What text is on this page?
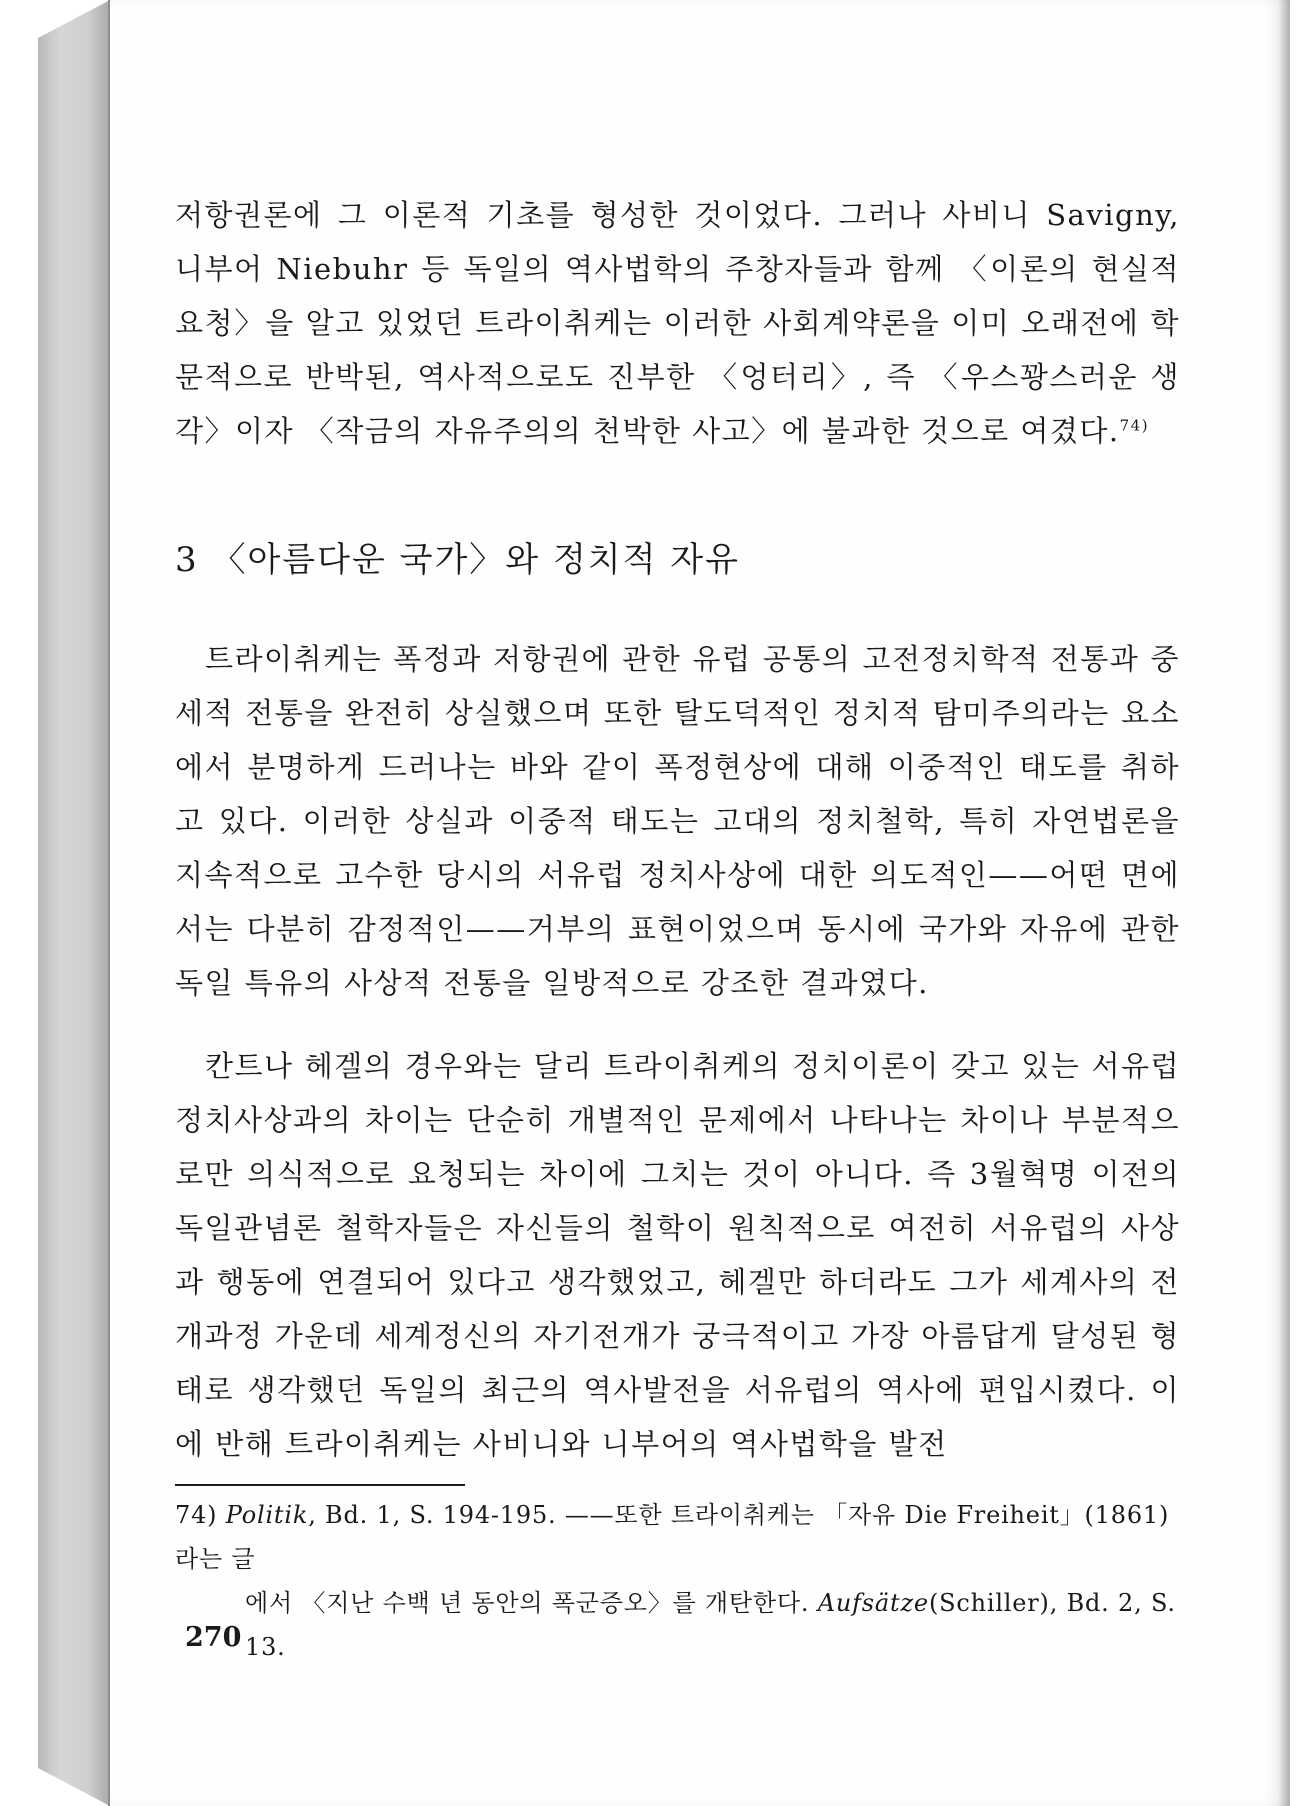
저항권론에 그 이론적 기초를 형성한 것이었다. 그러나 사비니 Savigny, 니부어 Niebuhr 등 독일의 역사법학의 주창자들과 함께 〈이론의 현실적 요청〉을 알고 있었던 트라이취케는 이러한 사회계약론을 이미 오래전에 학문적으로 반박된, 역사적으로도 진부한 〈엉터리〉, 즉 〈우스꽝스러운 생각〉이자 〈작금의 자유주의의 천박한 사고〉에 불과한 것으로 여겼다.$^{74)}$
3 〈아름다운 국가〉와 정치적 자유
트라이취케는 폭정과 저항권에 관한 유럽 공통의 고전정치학적 전통과 중세적 전통을 완전히 상실했으며 또한 탈도덕적인 정치적 탐미주의라는 요소에서 분명하게 드러나는 바와 같이 폭정현상에 대해 이중적인 태도를 취하고 있다. 이러한 상실과 이중적 태도는 고대의 정치철학, 특히 자연법론을 지속적으로 고수한 당시의 서유럽 정치사상에 대한 의도적인——어떤 면에서는 다분히 감정적인——거부의 표현이었으며 동시에 국가와 자유에 관한 독일 특유의 사상적 전통을 일방적으로 강조한 결과였다.
칸트나 헤겔의 경우와는 달리 트라이취케의 정치이론이 갖고 있는 서유럽 정치사상과의 차이는 단순히 개별적인 문제에서 나타나는 차이나 부분적으로만 의식적으로 요청되는 차이에 그치는 것이 아니다. 즉 3월혁명 이전의 독일관념론 철학자들은 자신들의 철학이 원칙적으로 여전히 서유럽의 사상과 행동에 연결되어 있다고 생각했었고, 헤겔만 하더라도 그가 세계사의 전개과정 가운데 세계정신의 자기전개가 궁극적이고 가장 아름답게 달성된 형태로 생각했던 독일의 최근의 역사발전을 서유럽의 역사에 편입시켰다. 이에 반해 트라이취케는 사비니와 니부어의 역사법학을 발전
74) Politik, Bd. 1, S. 194-195. ——또한 트라이취케는 「자유 Die Freiheit」(1861)라는 글
에서 〈지난 수백 년 동안의 폭군증오〉를 개탄한다. Aufsätze(Schiller), Bd. 2, S. 13.
270
